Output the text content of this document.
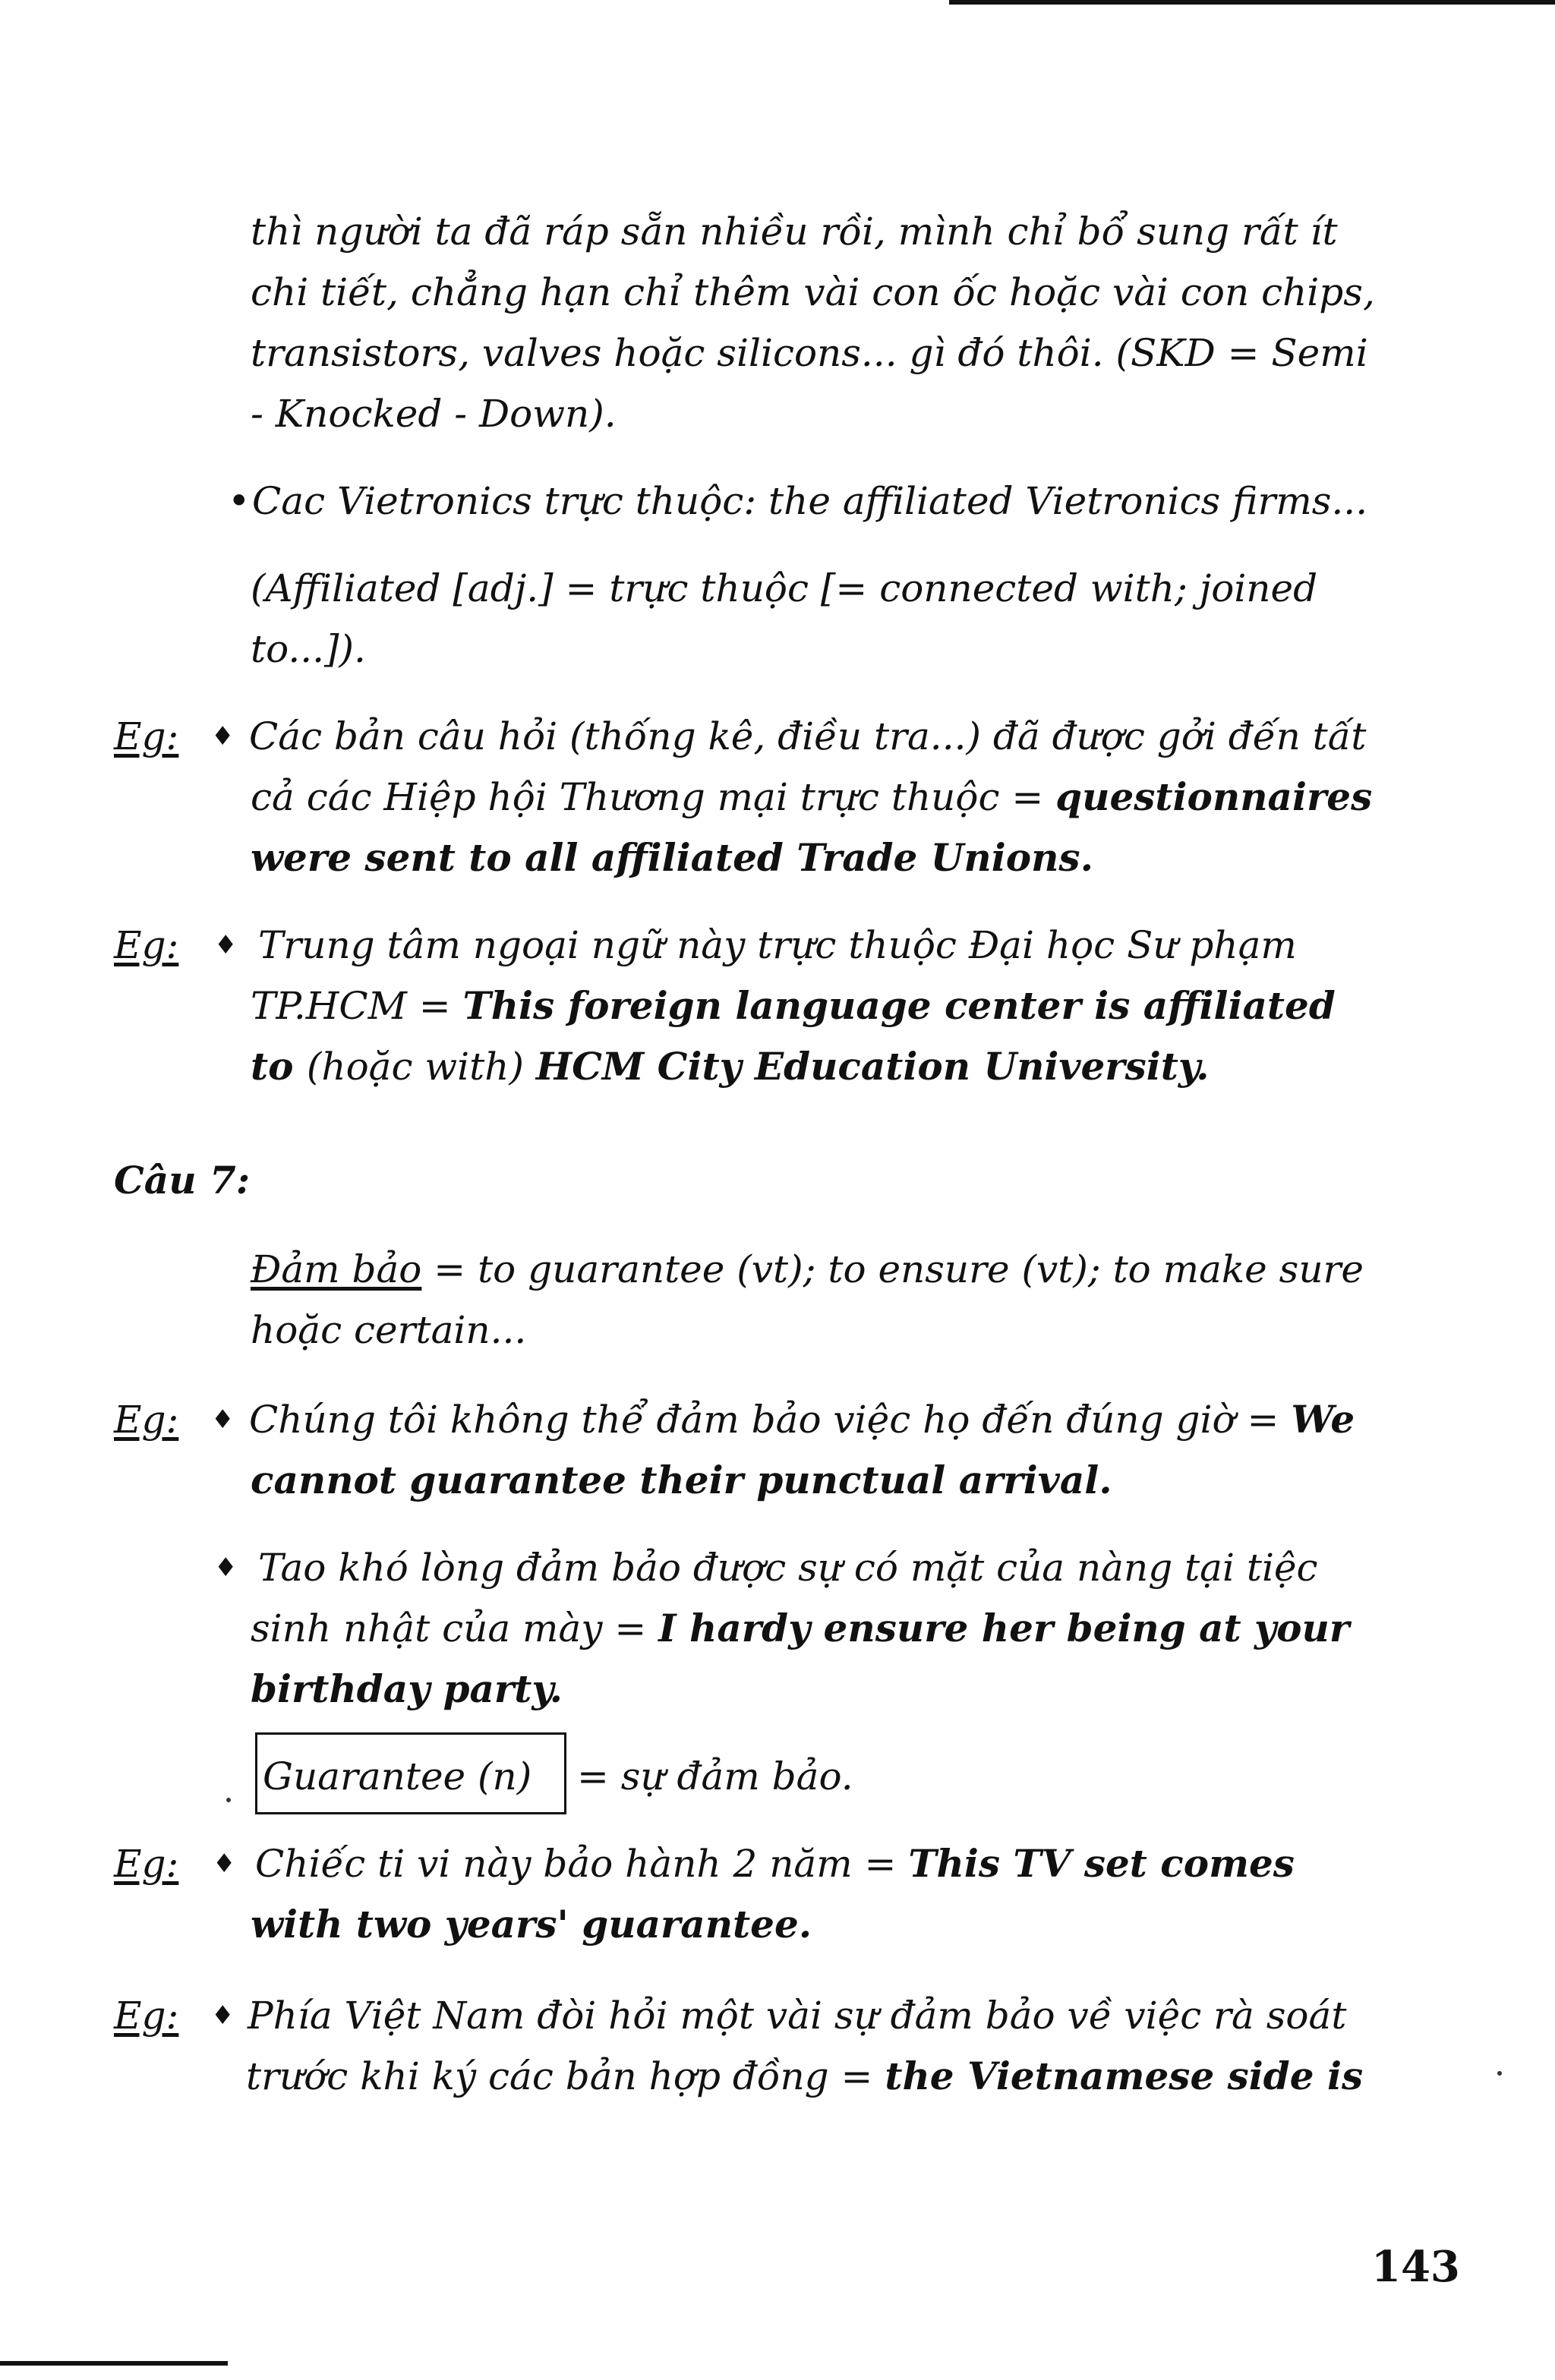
thì người ta đã ráp sẵn nhiều rồi, mình chỉ bổ sung rất ít
chi tiết, chẳng hạn chỉ thêm vài con ốc hoặc vài con chips,
transistors, valves hoặc silicons... gì đó thôi. (SKD = Semi
- Knocked - Down).
• Cac Vietronics trực thuộc: the affiliated Vietronics firms...
(Affiliated [adj.] = trực thuộc [= connected with; joined
to...]).
Eg: ♦ Các bản câu hỏi (thống kê, điều tra...) đã được gởi đến tất
cả các Hiệp hội Thương mại trực thuộc = questionnaires
were sent to all affiliated Trade Unions.
Eg: ♦ Trung tâm ngoại ngữ này trực thuộc Đại học Sư phạm
TP.HCM = This foreign language center is affiliated
to (hoặc with) HCM City Education University.
Câu 7:
Đảm bảo = to guarantee (vt); to ensure (vt); to make sure
hoặc certain...
Eg: ♦ Chúng tôi không thể đảm bảo việc họ đến đúng giờ = We
cannot guarantee their punctual arrival.
♦ Tao khó lòng đảm bảo được sự có mặt của nàng tại tiệc
sinh nhật của mày = I hardy ensure her being at your
birthday party.
Guarantee (n) = sự đảm bảo.
Eg: ♦ Chiếc ti vi này bảo hành 2 năm = This TV set comes
with two years' guarantee.
Eg: ♦ Phía Việt Nam đòi hỏi một vài sự đảm bảo về việc rà soát
trước khi ký các bản hợp đồng = the Vietnamese side is
143
